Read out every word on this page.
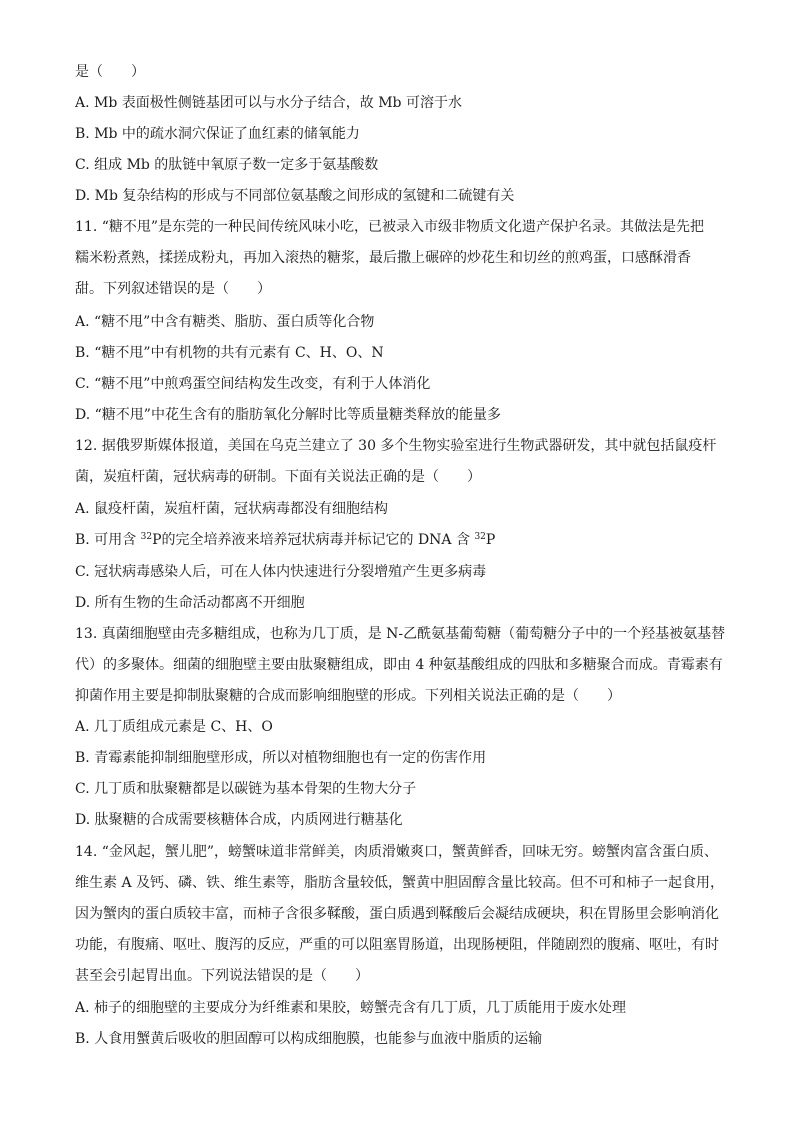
是（　　）
A. Mb 表面极性侧链基团可以与水分子结合，故 Mb 可溶于水
B. Mb 中的疏水洞穴保证了血红素的储氧能力
C. 组成 Mb 的肽链中氧原子数一定多于氨基酸数
D. Mb 复杂结构的形成与不同部位氨基酸之间形成的氢键和二硫键有关
11. “糖不甩”是东莞的一种民间传统风味小吃，已被录入市级非物质文化遗产保护名录。其做法是先把
糯米粉煮熟，揉搓成粉丸，再加入滚热的糖浆，最后撒上碾碎的炒花生和切丝的煎鸡蛋，口感酥滑香
甜。下列叙述错误的是（　　）
A. “糖不甩”中含有糖类、脂肪、蛋白质等化合物
B. “糖不甩”中有机物的共有元素有 C、H、O、N
C. “糖不甩”中煎鸡蛋空间结构发生改变，有利于人体消化
D. “糖不甩”中花生含有的脂肪氧化分解时比等质量糖类释放的能量多
12. 据俄罗斯媒体报道，美国在乌克兰建立了 30 多个生物实验室进行生物武器研发，其中就包括鼠疫杆
菌，炭疽杆菌，冠状病毒的研制。下面有关说法正确的是（　　）
A. 鼠疫杆菌，炭疽杆菌，冠状病毒都没有细胞结构
B. 可用含 $^{32}$P的完全培养液来培养冠状病毒并标记它的 DNA 含 $^{32}$P
C. 冠状病毒感染人后，可在人体内快速进行分裂增殖产生更多病毒
D. 所有生物的生命活动都离不开细胞
13. 真菌细胞壁由壳多糖组成，也称为几丁质，是 N-乙酰氨基葡萄糖（葡萄糖分子中的一个羟基被氨基替
代）的多聚体。细菌的细胞壁主要由肽聚糖组成，即由 4 种氨基酸组成的四肽和多糖聚合而成。青霉素有
抑菌作用主要是抑制肽聚糖的合成而影响细胞壁的形成。下列相关说法正确的是（　　）
A. 几丁质组成元素是 C、H、O
B. 青霉素能抑制细胞壁形成，所以对植物细胞也有一定的伤害作用
C. 几丁质和肽聚糖都是以碳链为基本骨架的生物大分子
D. 肽聚糖的合成需要核糖体合成，内质网进行糖基化
14. “金风起，蟹儿肥”，螃蟹味道非常鲜美，肉质滑嫩爽口，蟹黄鲜香，回味无穷。螃蟹肉富含蛋白质、
维生素 A 及钙、磷、铁、维生素等，脂肪含量较低，蟹黄中胆固醇含量比较高。但不可和柿子一起食用，
因为蟹肉的蛋白质较丰富，而柿子含很多鞣酸，蛋白质遇到鞣酸后会凝结成硬块，积在胃肠里会影响消化
功能，有腹痛、呕吐、腹泻的反应，严重的可以阻塞胃肠道，出现肠梗阻，伴随剧烈的腹痛、呕吐，有时
甚至会引起胃出血。下列说法错误的是（　　）
A. 柿子的细胞壁的主要成分为纤维素和果胶，螃蟹壳含有几丁质，几丁质能用于废水处理
B. 人食用蟹黄后吸收的胆固醇可以构成细胞膜，也能参与血液中脂质的运输
